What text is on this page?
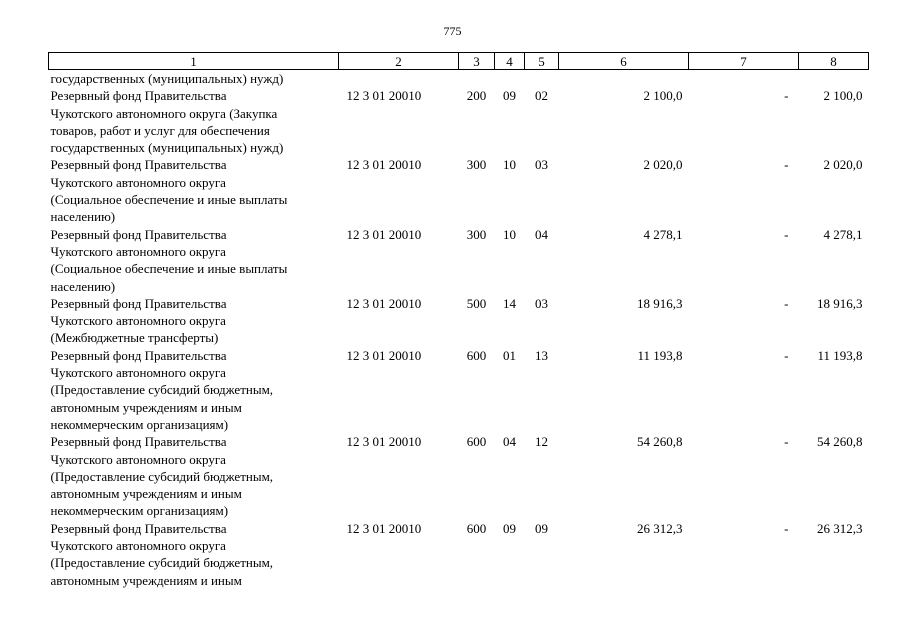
775
1	2	3	4	5	6	7	8

государственных (муниципальных) нужд)							

Резервный фонд Правительства
Чукотского автономного округа (Закупка
товаров, работ и услуг для обеспечения
государственных (муниципальных) нужд)	12 3 01 20010	200	09	02	2 100,0	-	2 100,0

Резервный фонд Правительства
Чукотского автономного округа
(Социальное обеспечение и иные выплаты
населению)	12 3 01 20010	300	10	03	2 020,0	-	2 020,0

Резервный фонд Правительства
Чукотского автономного округа
(Социальное обеспечение и иные выплаты
населению)	12 3 01 20010	300	10	04	4 278,1	-	4 278,1

Резервный фонд Правительства
Чукотского автономного округа
(Межбюджетные трансферты)	12 3 01 20010	500	14	03	18 916,3	-	18 916,3

Резервный фонд Правительства
Чукотского автономного округа
(Предоставление субсидий бюджетным,
автономным учреждениям и иным
некоммерческим организациям)	12 3 01 20010	600	01	13	11 193,8	-	11 193,8

Резервный фонд Правительства
Чукотского автономного округа
(Предоставление субсидий бюджетным,
автономным учреждениям и иным
некоммерческим организациям)	12 3 01 20010	600	04	12	54 260,8	-	54 260,8

Резервный фонд Правительства
Чукотского автономного округа
(Предоставление субсидий бюджетным,
автономным учреждениям и иным	12 3 01 20010	600	09	09	26 312,3	-	26 312,3
